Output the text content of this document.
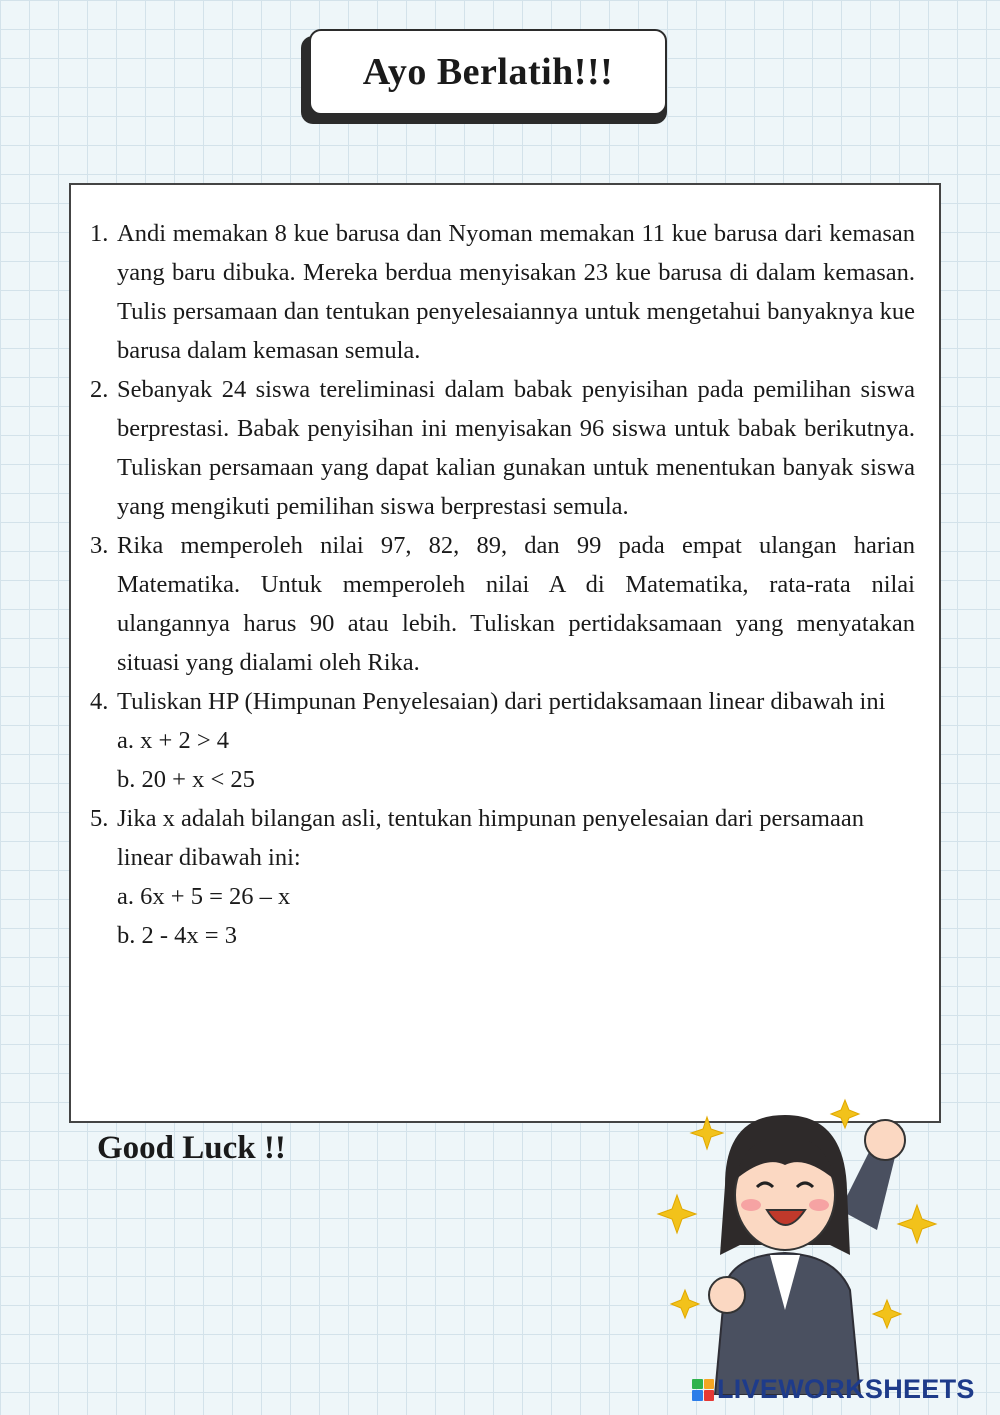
Ayo Berlatih!!!
1. Andi memakan 8 kue barusa dan Nyoman memakan 11 kue barusa dari kemasan yang baru dibuka. Mereka berdua menyisakan 23 kue barusa di dalam kemasan. Tulis persamaan dan tentukan penyelesaiannya untuk mengetahui banyaknya kue barusa dalam kemasan semula.
2. Sebanyak 24 siswa tereliminasi dalam babak penyisihan pada pemilihan siswa berprestasi. Babak penyisihan ini menyisakan 96 siswa untuk babak berikutnya. Tuliskan persamaan yang dapat kalian gunakan untuk menentukan banyak siswa yang mengikuti pemilihan siswa berprestasi semula.
3. Rika memperoleh nilai 97, 82, 89, dan 99 pada empat ulangan harian Matematika. Untuk memperoleh nilai A di Matematika, rata-rata nilai ulangannya harus 90 atau lebih. Tuliskan pertidaksamaan yang menyatakan situasi yang dialami oleh Rika.
4. Tuliskan HP (Himpunan Penyelesaian) dari pertidaksamaan linear dibawah ini
a. x + 2 > 4
b. 20 + x < 25
5. Jika x adalah bilangan asli, tentukan himpunan penyelesaian dari persamaan linear dibawah ini:
a. 6x + 5 = 26 – x
b. 2 - 4x = 3
Good Luck !!
LIVEWORKSHEETS
